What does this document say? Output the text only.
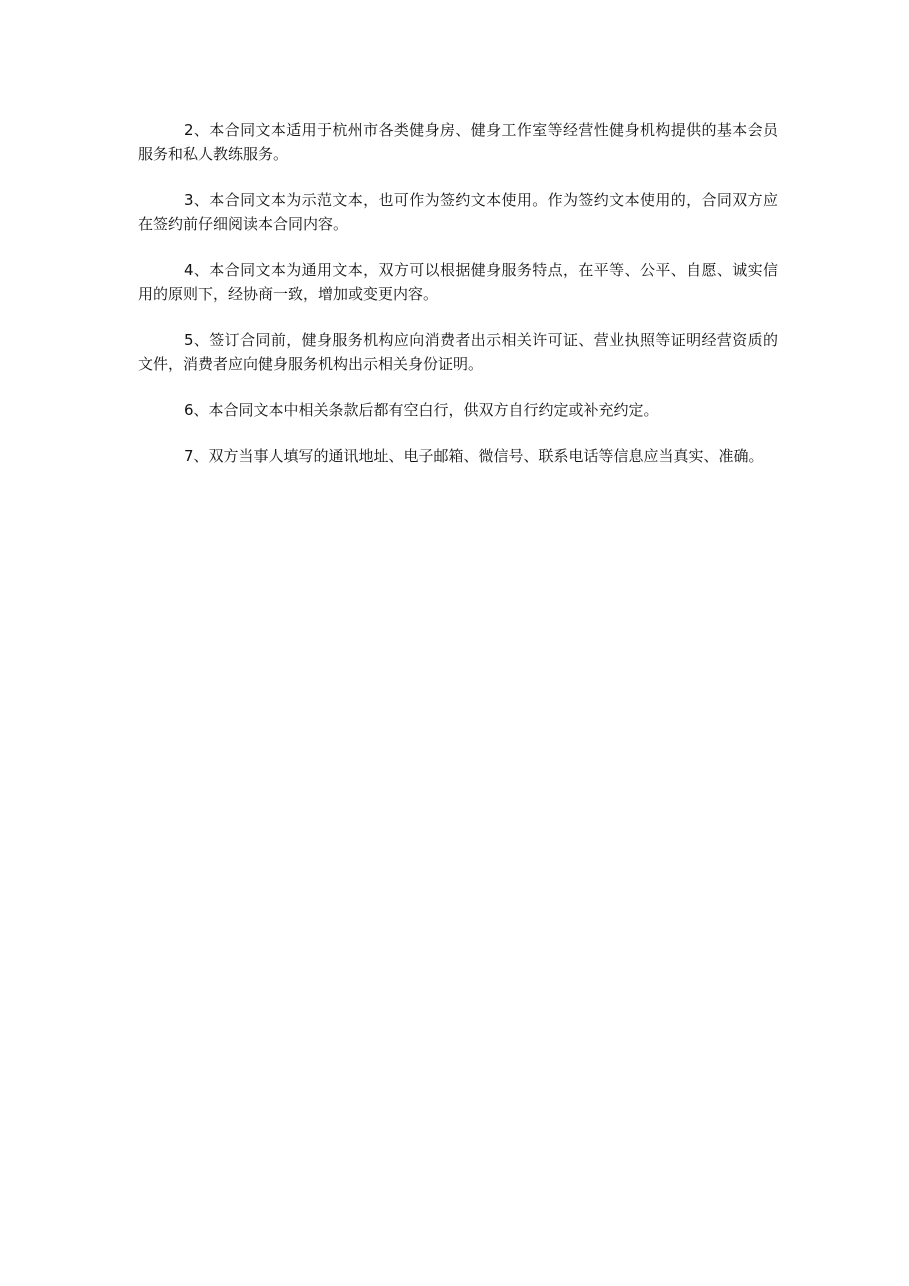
2、本合同文本适用于杭州市各类健身房、健身工作室等经营性健身机构提供的基本会员服务和私人教练服务。

3、本合同文本为示范文本，也可作为签约文本使用。作为签约文本使用的，合同双方应在签约前仔细阅读本合同内容。

4、本合同文本为通用文本，双方可以根据健身服务特点，在平等、公平、自愿、诚实信用的原则下，经协商一致，增加或变更内容。

5、签订合同前，健身服务机构应向消费者出示相关许可证、营业执照等证明经营资质的文件，消费者应向健身服务机构出示相关身份证明。

6、本合同文本中相关条款后都有空白行，供双方自行约定或补充约定。

7、双方当事人填写的通讯地址、电子邮箱、微信号、联系电话等信息应当真实、准确。
